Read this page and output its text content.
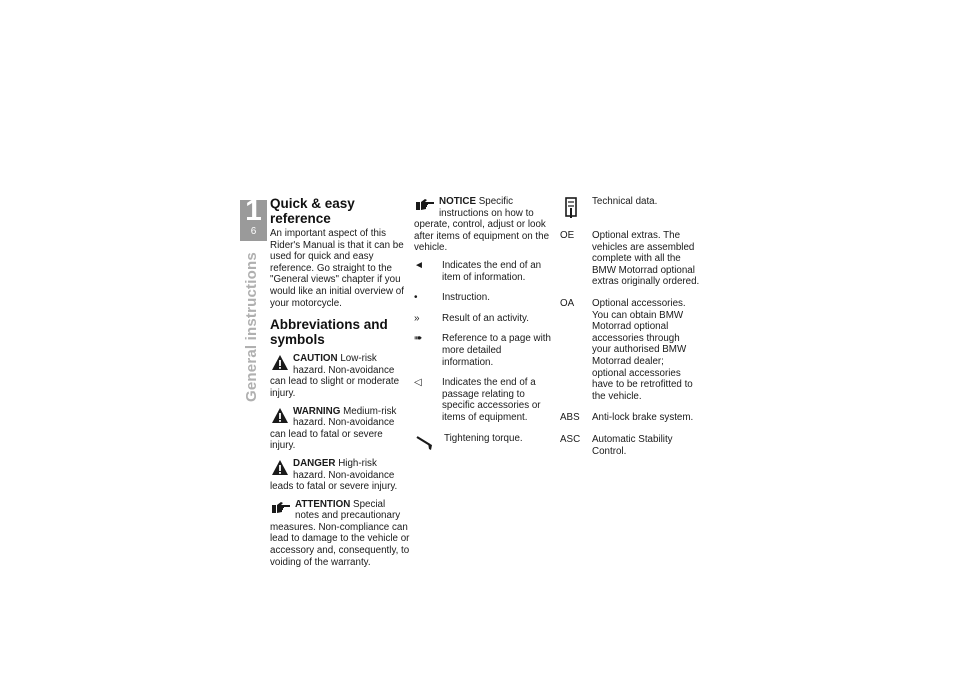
1
6
General instructions
Quick & easy reference

An important aspect of this Rider's Manual is that it can be used for quick and easy reference. Go straight to the "General views" chapter if you would like an initial overview of your motorcycle.

Abbreviations and symbols
CAUTION Low-risk hazard. Non-avoidance can lead to slight or moderate injury.
WARNING Medium-risk hazard. Non-avoidance can lead to fatal or severe injury.
DANGER High-risk hazard. Non-avoidance leads to fatal or severe injury.
ATTENTION Special notes and precautionary measures. Non-compliance can lead to damage to the vehicle or accessory and, consequently, to voiding of the warranty.
NOTICE Specific instructions on how to operate, control, adjust or look after items of equipment on the vehicle.
◄	Indicates the end of an item of information.
•	Instruction.
»	Result of an activity.
➠	Reference to a page with more detailed information.
◁	Indicates the end of a passage relating to specific accessories or items of equipment.
Tightening torque.
Technical data.
OE	Optional extras. The vehicles are assembled complete with all the BMW Motorrad optional extras originally ordered.
OA	Optional accessories. You can obtain BMW Motorrad optional accessories through your authorised BMW Motorrad dealer; optional accessories have to be retrofitted to the vehicle.
ABS	Anti-lock brake system.
ASC	Automatic Stability Control.
